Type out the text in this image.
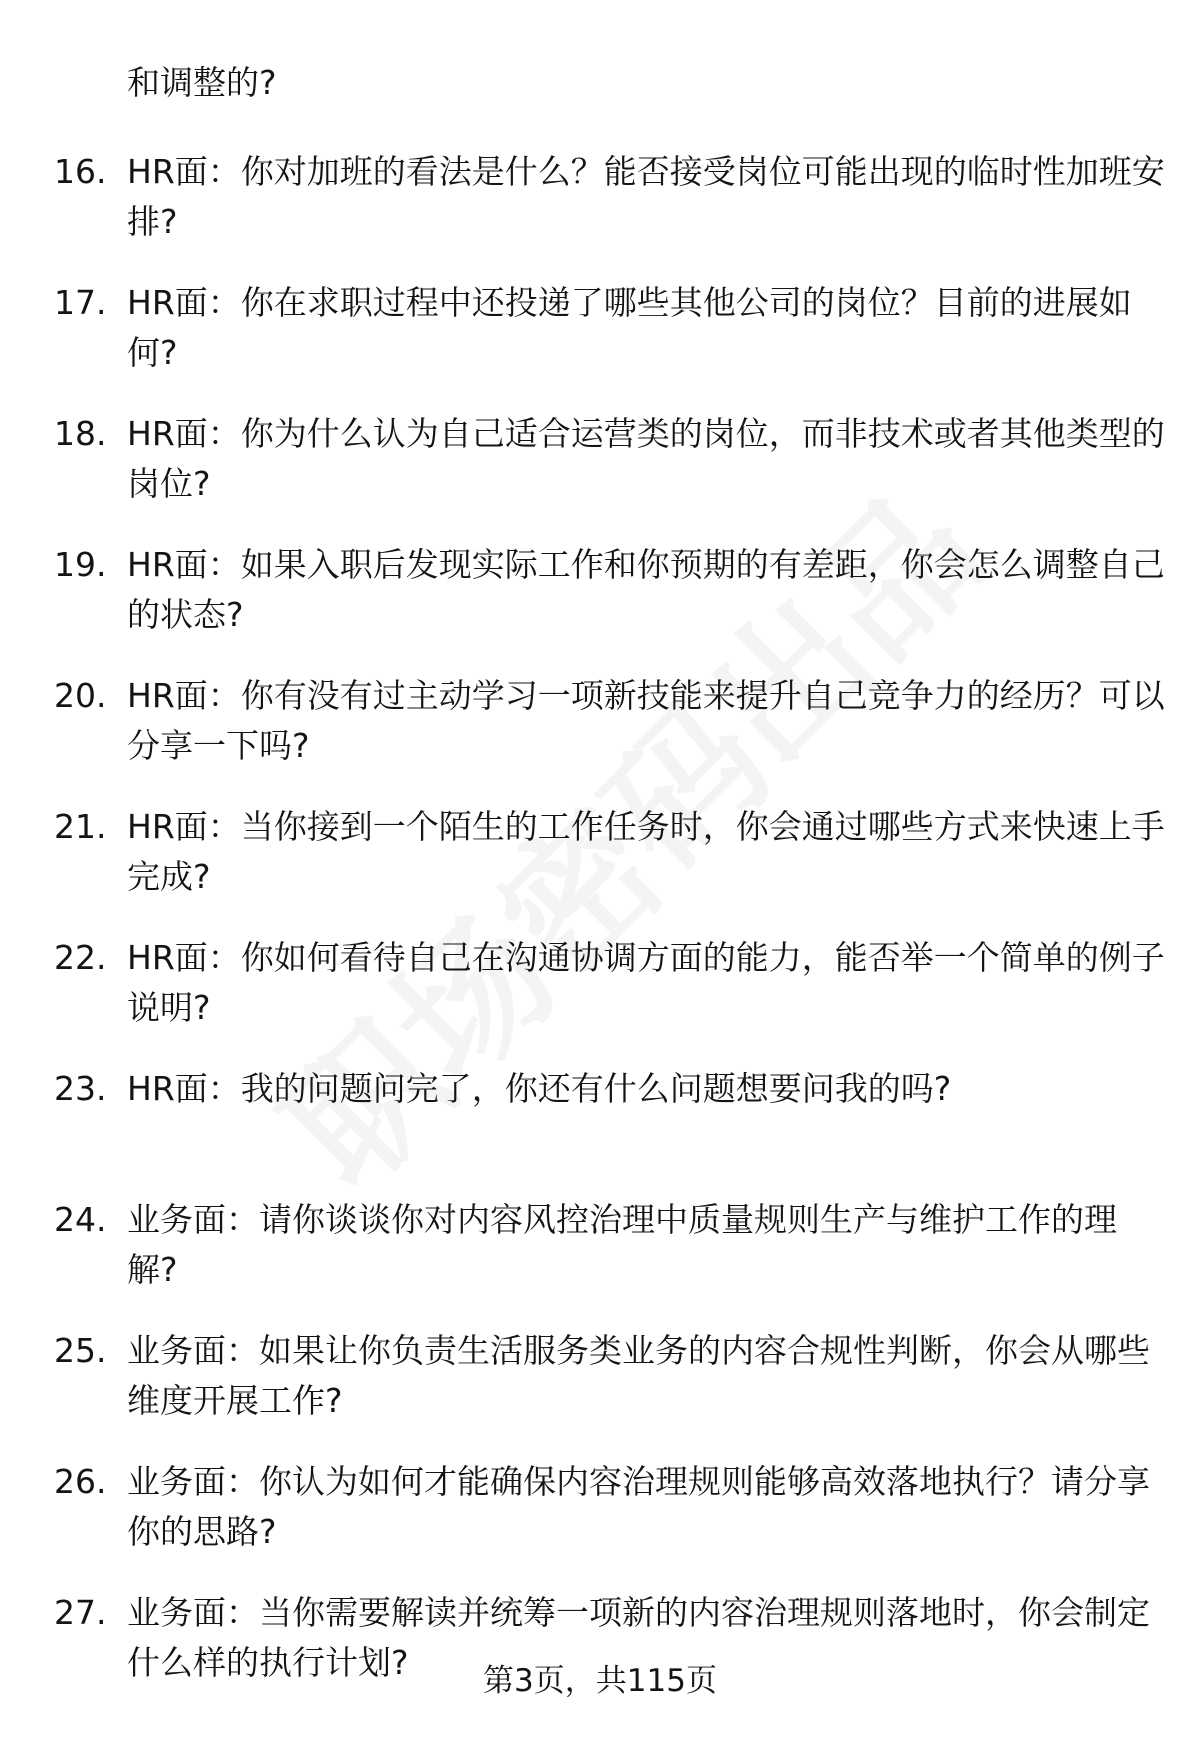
和调整的?
16. HR面：你对加班的看法是什么？能否接受岗位可能出现的临时性加班安排?
17. HR面：你在求职过程中还投递了哪些其他公司的岗位？目前的进展如何?
18. HR面：你为什么认为自己适合运营类的岗位，而非技术或者其他类型的岗位?
19. HR面：如果入职后发现实际工作和你预期的有差距，你会怎么调整自己的状态?
20. HR面：你有没有过主动学习一项新技能来提升自己竞争力的经历？可以分享一下吗?
21. HR面：当你接到一个陌生的工作任务时，你会通过哪些方式来快速上手完成?
22. HR面：你如何看待自己在沟通协调方面的能力，能否举一个简单的例子说明?
23. HR面：我的问题问完了，你还有什么问题想要问我的吗?
24. 业务面：请你谈谈你对内容风控治理中质量规则生产与维护工作的理解?
25. 业务面：如果让你负责生活服务类业务的内容合规性判断，你会从哪些维度开展工作?
26. 业务面：你认为如何才能确保内容治理规则能够高效落地执行？请分享你的思路?
27. 业务面：当你需要解读并统筹一项新的内容治理规则落地时，你会制定什么样的执行计划?	第3页，共115页
